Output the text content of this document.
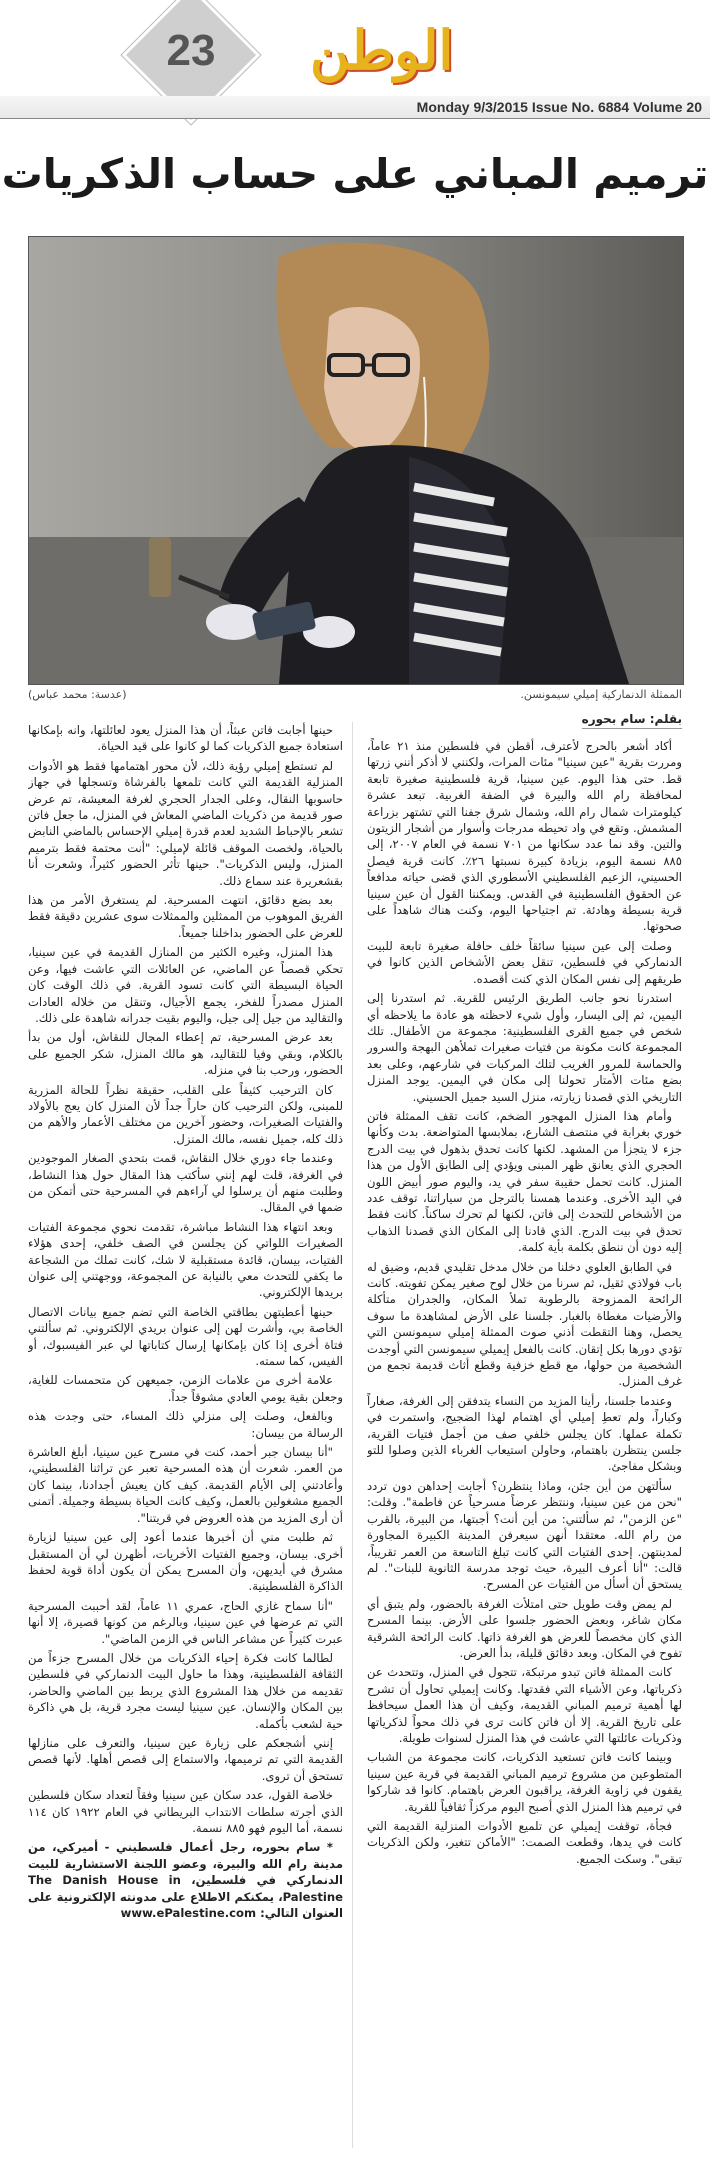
23	الوطن
Monday 9/3/2015 Issue No. 6884 Volume 20
ترميم المباني على حساب الذكريات
الممثلة الدنماركية إميلي سيمونسن.
(عدسة: محمد عباس)
بقلم: سام بحوره

أكاد أشعر بالحرج لأعترف، أقطن في فلسطين منذ ٢١ عاماً، ومررت بقرية "عين سينيا" مئات المرات، ولكنني لا أذكر أنني زرتها قط. حتى هذا اليوم. عين سينيا، قرية فلسطينية صغيرة تابعة لمحافظة رام الله والبيرة في الضفة الغربية. تبعد عشرة كيلومترات شمال رام الله، وشمال شرق جفنا التي تشتهر بزراعة المشمش. وتقع في واد تحيطه مدرجات وأسوار من أشجار الزيتون والتين. وقد نما عدد سكانها من ٧٠١ نسمة في العام ٢٠٠٧، إلى ٨٨٥ نسمة اليوم، بزيادة كبيرة نسبتها ٢٦٪. كانت قرية فيصل الحسيني، الزعيم الفلسطيني الأسطوري الذي قضى حياته مدافعاً عن الحقوق الفلسطينية في القدس. ويمكننا القول أن عين سينيا قرية بسيطة وهادئة. تم اجتياحها اليوم، وكنت هناك شاهداً على صحوتها.

وصلت إلى عين سينيا سائقاً خلف حافلة صغيرة تابعة للبيت الدنماركي في فلسطين، تنقل بعض الأشخاص الذين كانوا في طريقهم إلى نفس المكان الذي كنت أقصده.

استدرنا نحو جانب الطريق الرئيس للقرية. ثم استدرنا إلى اليمين، ثم إلى اليسار، وأول شيء لاحظته هو عادة ما يلاحظه أي شخص في جميع القرى الفلسطينية: مجموعة من الأطفال. تلك المجموعة كانت مكونة من فتيات صغيرات تملأهن البهجة والسرور والحماسة للمرور الغريب لتلك المركبات في شارعهم، وعلى بعد بضع مئات الأمتار تحولنا إلى مكان في اليمين. يوجد المنزل التاريخي الذي قصدنا زيارته، منزل السيد جميل الحسيني.

وأمام هذا المنزل المهجور الضخم، كانت تقف الممثلة فاتن خوري بغرابة في منتصف الشارع، بملابسها المتواضعة. بدت وكأنها جزء لا يتجزأ من المشهد. لكنها كانت تحدق بذهول في بيت الدرج الحجري الذي يعانق ظهر المبنى ويؤدي إلى الطابق الأول من هذا المنزل. كانت تحمل حقيبة سفر في يد، واليوم صور أبيض اللون في اليد الأخرى. وعندما همسنا بالترجل من سياراتنا، توقف عدد من الأشخاص للتحدث إلى فاتن، لكنها لم تحرك ساكناً. كانت فقط تحدق في بيت الدرج. الذي قادنا إلى المكان الذي قصدنا الذهاب إليه دون أن ننطق بكلمة بأية كلمة.

في الطابق العلوي دخلنا من خلال مدخل تقليدي قديم، وضيق له باب فولاذي ثقيل، ثم سرنا من خلال لوح صغير يمكن تفويته. كانت الرائحة الممزوجة بالرطوبة تملأ المكان، والجدران متأكلة والأرضيات مغطاة بالغبار. جلسنا على الأرض لمشاهدة ما سوف يحصل، وهنا التقطت أذني صوت الممثلة إميلي سيمونسن التي تؤدي دورها بكل إتقان. كانت بالفعل إيميلي سيمونسن التي أوجدت الشخصية من حولها، مع قطع خزفية وقطع أثاث قديمة تجمع من غرف المنزل.

وعندما جلسنا، رأينا المزيد من النساء يتدفقن إلى الغرفة، صغاراً وكباراً، ولم تعطِ إميلي أي اهتمام لهذا الضجيج، واستمرت في تكملة عملها. كان يجلس خلفي صف من أجمل فتيات القرية، جلسن ينتظرن باهتمام، وحاولن استيعاب الغرباء الذين وصلوا للتو وبشكل مفاجئ.

سألتهن من أين جئن، وماذا ينتظرن؟ أجابت إحداهن دون تردد "نحن من عين سينيا، وننتظر عرضاً مسرحياً عن فاطمة". وقلت: "عن الزمن"، ثم سألتني: من أين أنت؟ أجبتها، من البيرة، بالقرب من رام الله. معتقدا أنهن سيعرفن المدينة الكبيرة المجاورة لمدينتهن. إحدى الفتيات التي كانت تبلغ التاسعة من العمر تقريباً، قالت: "أنا أعرف البيرة، حيث توجد مدرسة الثانوية للبنات". لم يستحق أن أسأل من الفتيات عن المسرح.

لم يمض وقت طويل حتى امتلأت الغرفة بالحضور، ولم يتبق أي مكان شاغر، وبعض الحضور جلسوا على الأرض. بينما المسرح الذي كان مخصصاً للعرض هو الغرفة ذاتها. كانت الرائحة الشرقية تفوح في المكان. وبعد دقائق قليلة، بدأ العرض.

كانت الممثلة فاتن تبدو مرتبكة، تتجول في المنزل، وتتحدث عن ذكرياتها، وعن الأشياء التي فقدتها. وكانت إيميلي تحاول أن تشرح لها أهمية ترميم المباني القديمة، وكيف أن هذا العمل سيحافظ على تاريخ القرية. إلا أن فاتن كانت ترى في ذلك محواً لذكرياتها وذكريات عائلتها التي عاشت في هذا المنزل لسنوات طويلة.

وبينما كانت فاتن تستعيد الذكريات، كانت مجموعة من الشباب المتطوعين من مشروع ترميم المباني القديمة في قرية عين سينيا يقفون في زاوية الغرفة، يراقبون العرض باهتمام. كانوا قد شاركوا في ترميم هذا المنزل الذي أصبح اليوم مركزاً ثقافياً للقرية.

فجأة، توقفت إيميلي عن تلميع الأدوات المنزلية القديمة التي كانت في يدها، وقطعت الصمت: "الأماكن تتغير، ولكن الذكريات تبقى". وسكت الجميع.

حينها أجابت فاتن عبثاً، أن هذا المنزل يعود لعائلتها، وانه بإمكانها استعادة جميع الذكريات كما لو كانوا على قيد الحياة.

لم تستطع إميلي رؤية ذلك، لأن محور اهتمامها فقط هو الأدوات المنزلية القديمة التي كانت تلمعها بالفرشاة وتسجلها في جهاز حاسوبها النقال، وعلى الجدار الحجري لغرفة المعيشة، تم عرض صور قديمة من ذكريات الماضي المعاش في المنزل، ما جعل فاتن تشعر بالإحباط الشديد لعدم قدرة إميلي الإحساس بالماضي النابض بالحياة، ولخصت الموقف قائلة لإميلي: "أنت محتمة فقط بترميم المنزل، وليس الذكريات". حينها تأثر الحضور كثيراً، وشعرت أنا بقشعريرة عند سماع ذلك.

بعد بضع دقائق، انتهت المسرحية. لم يستغرق الأمر من هذا الفريق الموهوب من الممثلين والممثلات سوى عشرين دقيقة فقط للعرض على الحضور بداخلنا جميعاً.

هذا المنزل، وغيره الكثير من المنازل القديمة في عين سينيا، تحكي قصصاً عن الماضي، عن العائلات التي عاشت فيها، وعن الحياة البسيطة التي كانت تسود القرية. في ذلك الوقت كان المنزل مصدراً للفخر، يجمع الأجيال، وتنقل من خلاله العادات والتقاليد من جيل إلى جيل، واليوم بقيت جدرانه شاهدة على ذلك.

بعد عرض المسرحية، تم إعطاء المجال للنقاش، أول من بدأ بالكلام، وبقي وفيا للتقاليد، هو مالك المنزل، شكر الجميع على الحضور، ورحب بنا في منزله.

كان الترحيب كثيفاً على القلب، حقيقة نظراً للحالة المزرية للمبنى، ولكن الترحيب كان حاراً جداً لأن المنزل كان يعج بالأولاد والفتيات الصغيرات، وحضور آخرين من مختلف الأعمار والأهم من ذلك كله، جميل نفسه، مالك المنزل.

وعندما جاء دوري خلال النقاش، قمت بتحدي الصغار الموجودين في الغرفة، قلت لهم إنني سأكتب هذا المقال حول هذا النشاط، وطلبت منهم أن يرسلوا لي آراءهم في المسرحية حتى أتمكن من ضمها في المقال.

وبعد انتهاء هذا النشاط مباشرة، تقدمت نحوي مجموعة الفتيات الصغيرات اللواتي كن يجلسن في الصف خلفي، إحدى هؤلاء الفتيات، بيسان، قائدة مستقبلية لا شك، كانت تملك من الشجاعة ما يكفي للتحدث معي بالنيابة عن المجموعة، ووجهتني إلى عنوان بريدها الإلكتروني.

حينها أعطيتهن بطاقتي الخاصة التي تضم جميع بيانات الاتصال الخاصة بي، وأشرت لهن إلى عنوان بريدي الإلكتروني. ثم سألتني فتاة أخرى إذا كان بإمكانها إرسال كتاباتها لي عبر الفيسبوك، أو الفيس، كما سمته.

علامة أخرى من علامات الزمن، جميعهن كن متحمسات للغاية، وجعلن بقية يومي العادي مشوقاً جداً.

وبالفعل، وصلت إلى منزلي ذلك المساء، حتى وجدت هذه الرسالة من بيسان:

"أنا بيسان جبر أحمد، كنت في مسرح عين سينيا، أبلغ العاشرة من العمر. شعرت أن هذه المسرحية تعبر عن تراثنا الفلسطيني، وأعادتني إلى الأيام القديمة. كيف كان يعيش أجدادنا، بينما كان الجميع مشغولين بالعمل، وكيف كانت الحياة بسيطة وجميلة. أتمنى أن أرى المزيد من هذه العروض في قريتنا".

ثم طلبت مني أن أخبرها عندما أعود إلى عين سينيا لزيارة أخرى. بيسان، وجميع الفتيات الأخريات، أظهرن لي أن المستقبل مشرق في أيديهن، وأن المسرح يمكن أن يكون أداة قوية لحفظ الذاكرة الفلسطينية.

"أنا سماح غازي الحاج، عمري ١١ عاماً، لقد أحببت المسرحية التي تم عرضها في عين سينيا، وبالرغم من كونها قصيرة، إلا أنها عبرت كثيراً عن مشاعر الناس في الزمن الماضي".

لطالما كانت فكرة إحياء الذكريات من خلال المسرح جزءاً من الثقافة الفلسطينية، وهذا ما حاول البيت الدنماركي في فلسطين تقديمه من خلال هذا المشروع الذي يربط بين الماضي والحاضر، بين المكان والإنسان. عين سينيا ليست مجرد قرية، بل هي ذاكرة حية لشعب بأكمله.

إنني أشجعكم على زيارة عين سينيا، والتعرف على منازلها القديمة التي تم ترميمها، والاستماع إلى قصص أهلها. لأنها قصص تستحق أن تروى.

خلاصة القول، عدد سكان عين سينيا وفقاً لتعداد سكان فلسطين الذي أجرته سلطات الانتداب البريطاني في العام ١٩٢٢ كان ١١٤ نسمة، أما اليوم فهو ٨٨٥ نسمة.

* سام بحوره، رجل أعمال فلسطيني - أميركي، من مدينة رام الله والبيرة، وعضو اللجنة الاستشارية للبيت الدنماركي في فلسطين، The Danish House in Palestine، يمكنكم الاطلاع على مدونته الإلكترونية على العنوان التالي: www.ePalestine.com
